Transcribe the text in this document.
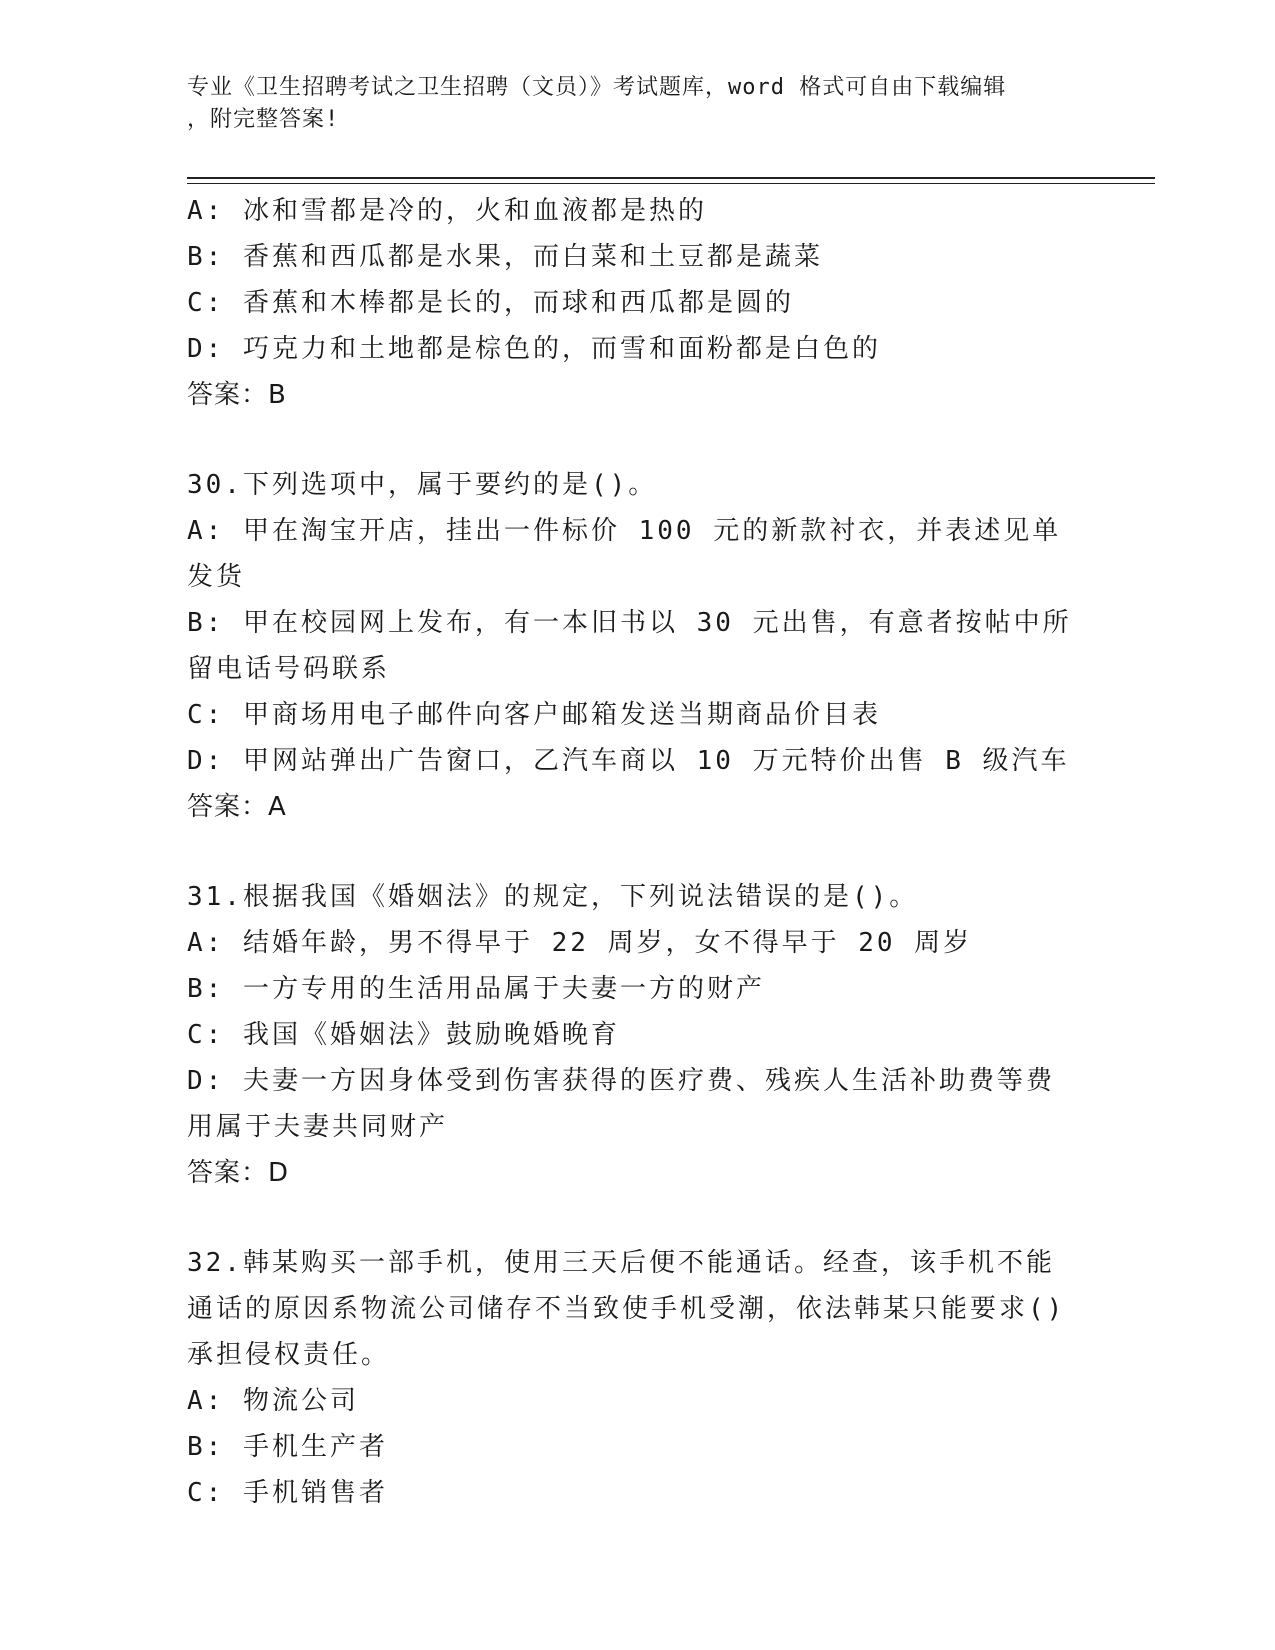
专业《卫生招聘考试之卫生招聘（文员）》考试题库，word 格式可自由下载编辑
，附完整答案!

A: 冰和雪都是冷的，火和血液都是热的

B: 香蕉和西瓜都是水果，而白菜和土豆都是蔬菜

C: 香蕉和木棒都是长的，而球和西瓜都是圆的

D: 巧克力和土地都是棕色的，而雪和面粉都是白色的

答案：B

30.下列选项中，属于要约的是()。

A: 甲在淘宝开店，挂出一件标价 100 元的新款衬衣，并表述见单发货

B: 甲在校园网上发布，有一本旧书以 30 元出售，有意者按帖中所留电话号码联系

C: 甲商场用电子邮件向客户邮箱发送当期商品价目表

D: 甲网站弹出广告窗口，乙汽车商以 10 万元特价出售 B 级汽车

答案：A

31.根据我国《婚姻法》的规定，下列说法错误的是()。

A: 结婚年龄，男不得早于 22 周岁，女不得早于 20 周岁

B: 一方专用的生活用品属于夫妻一方的财产

C: 我国《婚姻法》鼓励晚婚晚育

D: 夫妻一方因身体受到伤害获得的医疗费、残疾人生活补助费等费用属于夫妻共同财产

答案：D

32.韩某购买一部手机，使用三天后便不能通话。经查，该手机不能通话的原因系物流公司储存不当致使手机受潮，依法韩某只能要求()承担侵权责任。

A: 物流公司

B: 手机生产者

C: 手机销售者
